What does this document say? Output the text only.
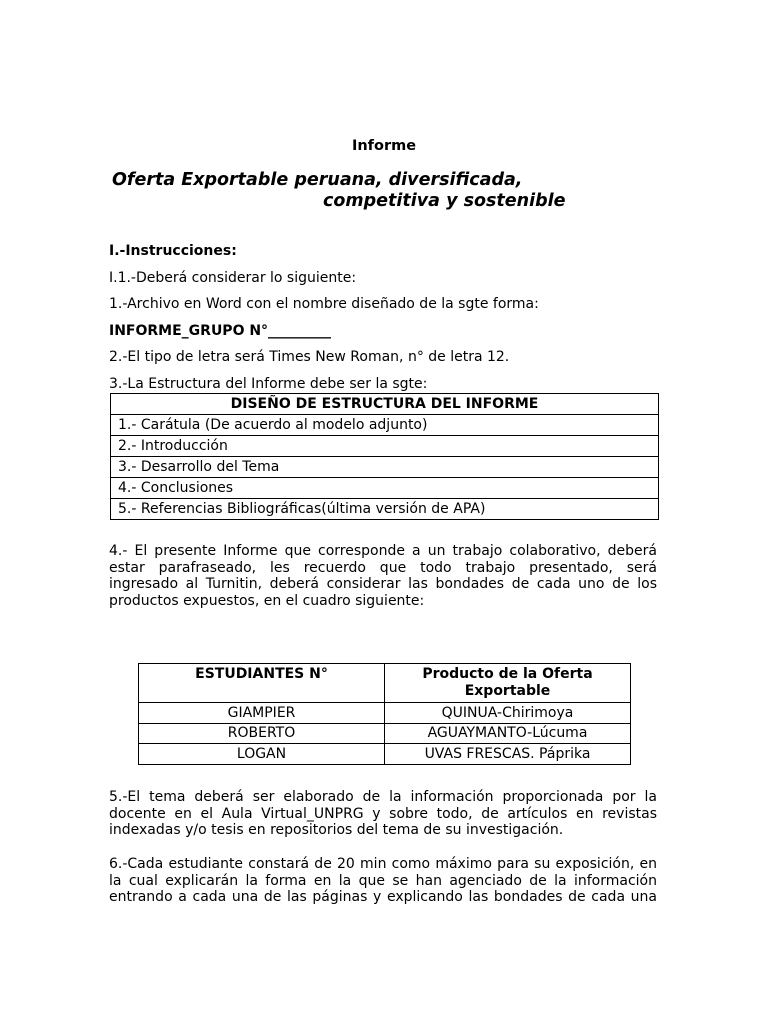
Informe
Oferta Exportable peruana, diversificada,
competitiva y sostenible
I.-Instrucciones:
I.1.-Deberá considerar lo siguiente:
1.-Archivo en Word con el nombre diseñado de la sgte forma:
INFORME_GRUPO N°_________
2.-El tipo de letra será Times New Roman, n° de letra 12.
3.-La Estructura del Informe debe ser la sgte:
DISEÑO DE ESTRUCTURA DEL INFORME
1.- Carátula (De acuerdo al modelo adjunto)
2.- Introducción
3.- Desarrollo del Tema
4.- Conclusiones
5.- Referencias Bibliográficas(última versión de APA)
4.- El presente Informe que corresponde a un trabajo colaborativo, deberá
estar parafraseado, les recuerdo que todo trabajo presentado, será
ingresado al Turnitin, deberá considerar las bondades de cada uno de los
productos expuestos, en el cuadro siguiente:
ESTUDIANTES N°	Producto de la Oferta Exportable
GIAMPIER	QUINUA-Chirimoya
ROBERTO	AGUAYMANTO-Lúcuma
LOGAN	UVAS FRESCAS. Páprika
5.-El tema deberá ser elaborado de la información proporcionada por la
docente en el Aula Virtual_UNPRG y sobre todo, de artículos en revistas
indexadas y/o tesis en repositorios del tema de su investigación.
6.-Cada estudiante constará de 20 min como máximo para su exposición, en
la cual explicarán la forma en la que se han agenciado de la información
entrando a cada una de las páginas y explicando las bondades de cada una
